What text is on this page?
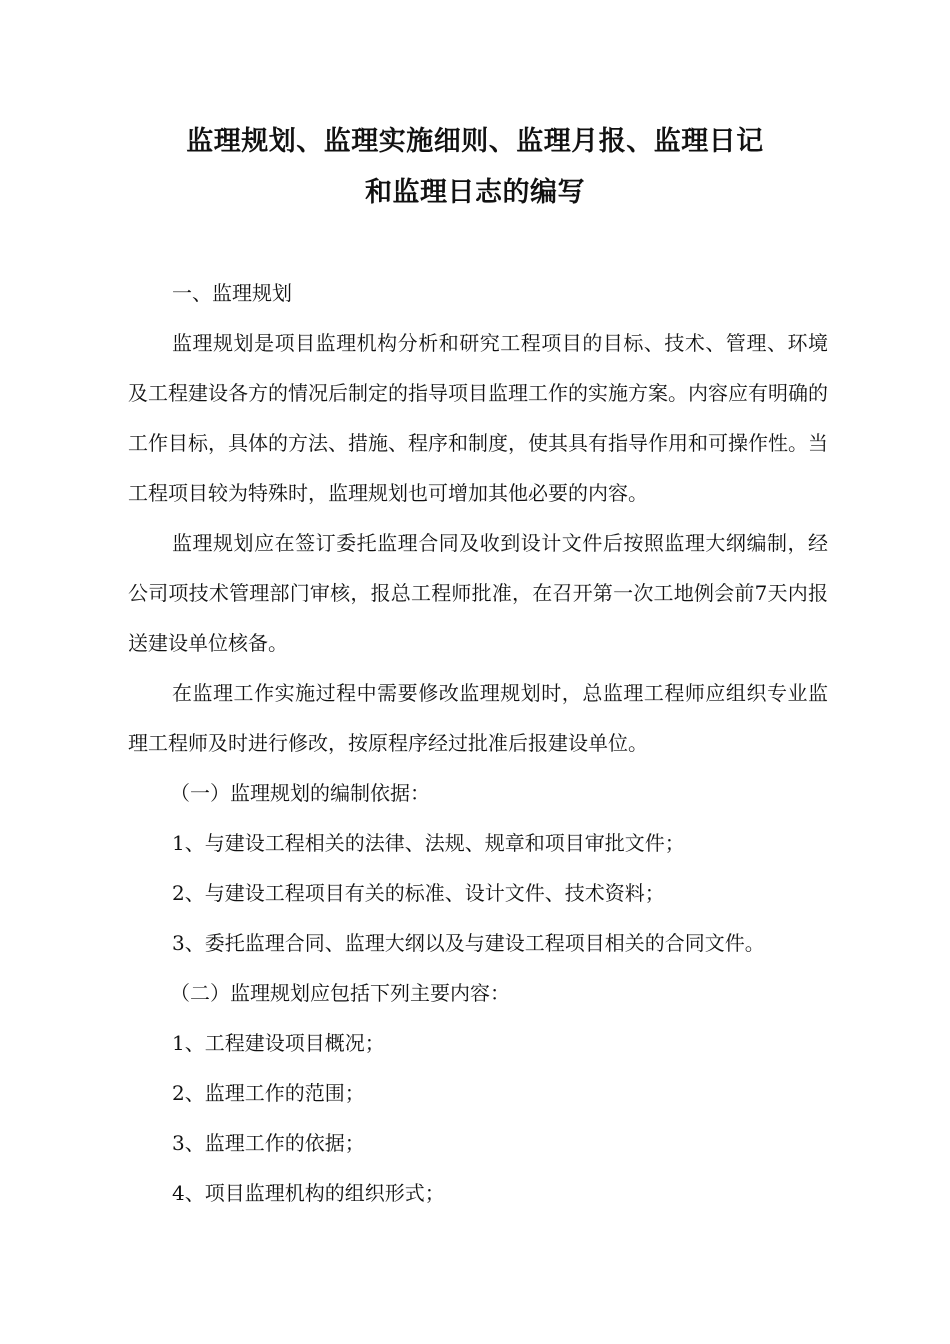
监理规划、监理实施细则、监理月报、监理日记
和监理日志的编写

一、监理规划

监理规划是项目监理机构分析和研究工程项目的目标、技术、管理、环境及工程建设各方的情况后制定的指导项目监理工作的实施方案。内容应有明确的工作目标，具体的方法、措施、程序和制度，使其具有指导作用和可操作性。当工程项目较为特殊时，监理规划也可增加其他必要的内容。

监理规划应在签订委托监理合同及收到设计文件后按照监理大纲编制，经公司项技术管理部门审核，报总工程师批准，在召开第一次工地例会前7天内报送建设单位核备。

在监理工作实施过程中需要修改监理规划时，总监理工程师应组织专业监理工程师及时进行修改，按原程序经过批准后报建设单位。

（一）监理规划的编制依据：

1、与建设工程相关的法律、法规、规章和项目审批文件；

2、与建设工程项目有关的标准、设计文件、技术资料；

3、委托监理合同、监理大纲以及与建设工程项目相关的合同文件。

（二）监理规划应包括下列主要内容：

1、工程建设项目概况；

2、监理工作的范围；

3、监理工作的依据；

4、项目监理机构的组织形式；
